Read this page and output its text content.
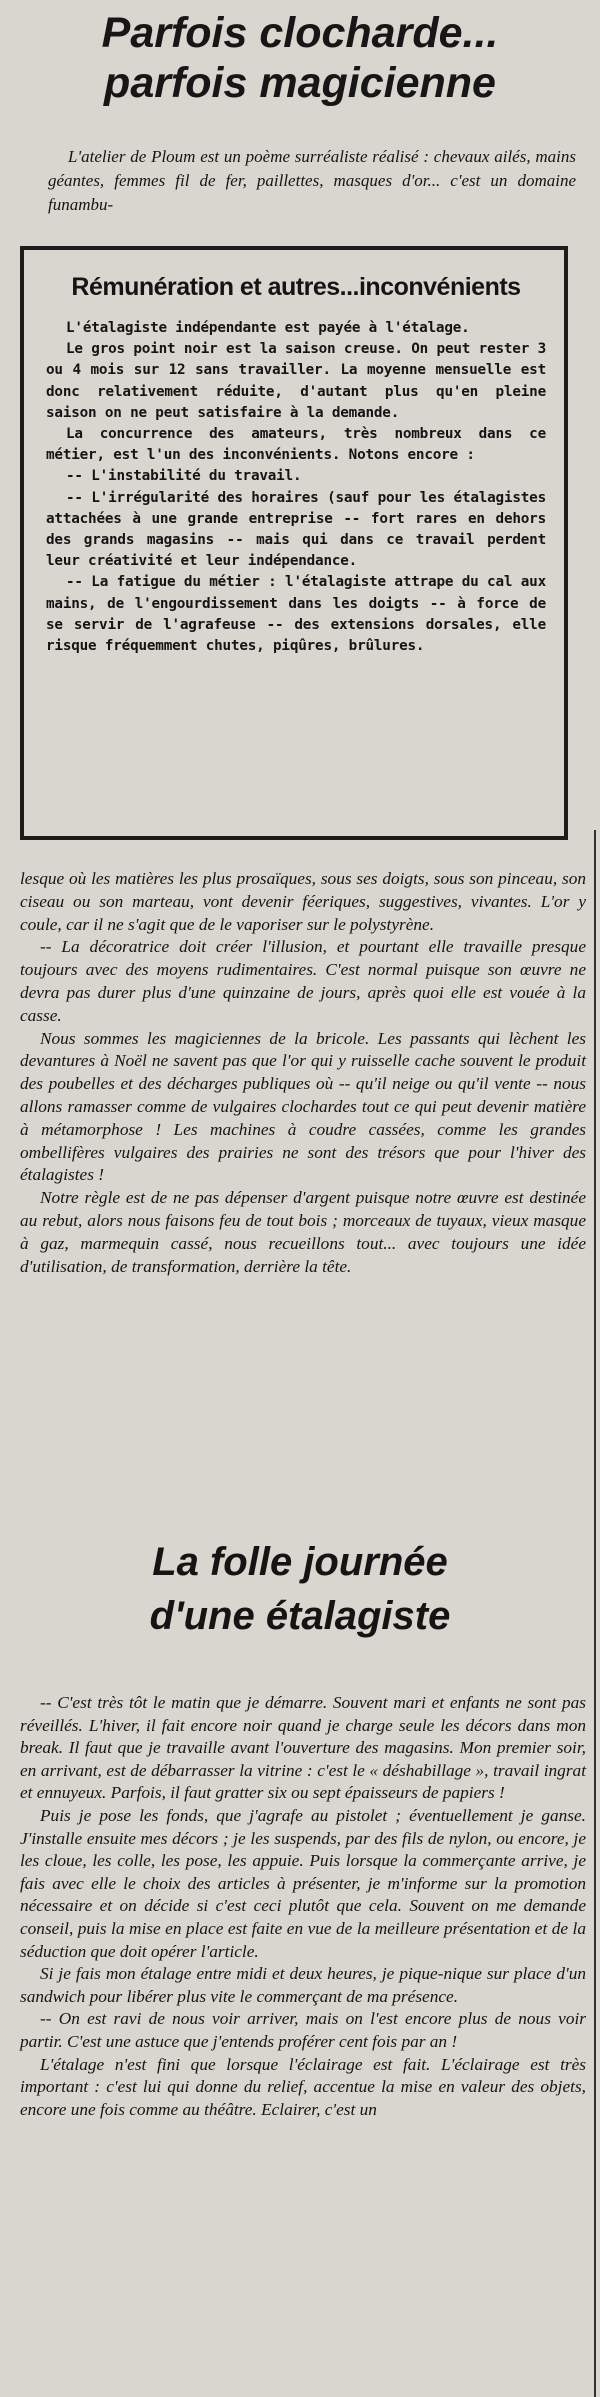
Parfois clocharde...
parfois magicienne
L'atelier de Ploum est un poème surréaliste réalisé : chevaux ailés, mains géantes, femmes fil de fer, paillettes, masques d'or... c'est un domaine funambu-
Rémunération et autres...inconvénients

L'étalagiste indépendante est payée à l'étalage.

Le gros point noir est la saison creuse. On peut rester 3 ou 4 mois sur 12 sans travailler. La moyenne mensuelle est donc relativement réduite, d'autant plus qu'en pleine saison on ne peut satisfaire à la demande.

La concurrence des amateurs, très nombreux dans ce métier, est l'un des inconvénients. Notons encore :

-- L'instabilité du travail.

-- L'irrégularité des horaires (sauf pour les étalagistes attachées à une grande entreprise -- fort rares en dehors des grands magasins -- mais qui dans ce travail perdent leur créativité et leur indépendance.

-- La fatigue du métier : l'étalagiste attrape du cal aux mains, de l'engourdissement dans les doigts -- à force de se servir de l'agrafeuse -- des extensions dorsales, elle risque fréquemment chutes, piqûres, brûlures.

lesque où les matières les plus prosaïques, sous ses doigts, sous son pinceau, son ciseau ou son marteau, vont devenir féeriques, suggestives, vivantes. L'or y coule, car il ne s'agit que de le vaporiser sur le polystyrène.

-- La décoratrice doit créer l'illusion, et pourtant elle travaille presque toujours avec des moyens rudimentaires. C'est normal puisque son œuvre ne devra pas durer plus d'une quinzaine de jours, après quoi elle est vouée à la casse.

Nous sommes les magiciennes de la bricole. Les passants qui lèchent les devantures à Noël ne savent pas que l'or qui y ruisselle cache souvent le produit des poubelles et des décharges publiques où -- qu'il neige ou qu'il vente -- nous allons ramasser comme de vulgaires clochardes tout ce qui peut devenir matière à métamorphose ! Les machines à coudre cassées, comme les grandes ombellifères vulgaires des prairies ne sont des trésors que pour l'hiver des étalagistes !

Notre règle est de ne pas dépenser d'argent puisque notre œuvre est destinée au rebut, alors nous faisons feu de tout bois ; morceaux de tuyaux, vieux masque à gaz, marmequin cassé, nous recueillons tout... avec toujours une idée d'utilisation, de transformation, derrière la tête.

La folle journée
d'une étalagiste

-- C'est très tôt le matin que je démarre. Souvent mari et enfants ne sont pas réveillés. L'hiver, il fait encore noir quand je charge seule les décors dans mon break. Il faut que je travaille avant l'ouverture des magasins. Mon premier soir, en arrivant, est de débarrasser la vitrine : c'est le « déshabillage », travail ingrat et ennuyeux. Parfois, il faut gratter six ou sept épaisseurs de papiers !

Puis je pose les fonds, que j'agrafe au pistolet ; éventuellement je ganse. J'installe ensuite mes décors ; je les suspends, par des fils de nylon, ou encore, je les cloue, les colle, les pose, les appuie. Puis lorsque la commerçante arrive, je fais avec elle le choix des articles à présenter, je m'informe sur la promotion nécessaire et on décide si c'est ceci plutôt que cela. Souvent on me demande conseil, puis la mise en place est faite en vue de la meilleure présentation et de la séduction que doit opérer l'article.

Si je fais mon étalage entre midi et deux heures, je pique-nique sur place d'un sandwich pour libérer plus vite le commerçant de ma présence.

-- On est ravi de nous voir arriver, mais on l'est encore plus de nous voir partir. C'est une astuce que j'entends proférer cent fois par an !

L'étalage n'est fini que lorsque l'éclairage est fait. L'éclairage est très important : c'est lui qui donne du relief, accentue la mise en valeur des objets, encore une fois comme au théâtre. Eclairer, c'est un
